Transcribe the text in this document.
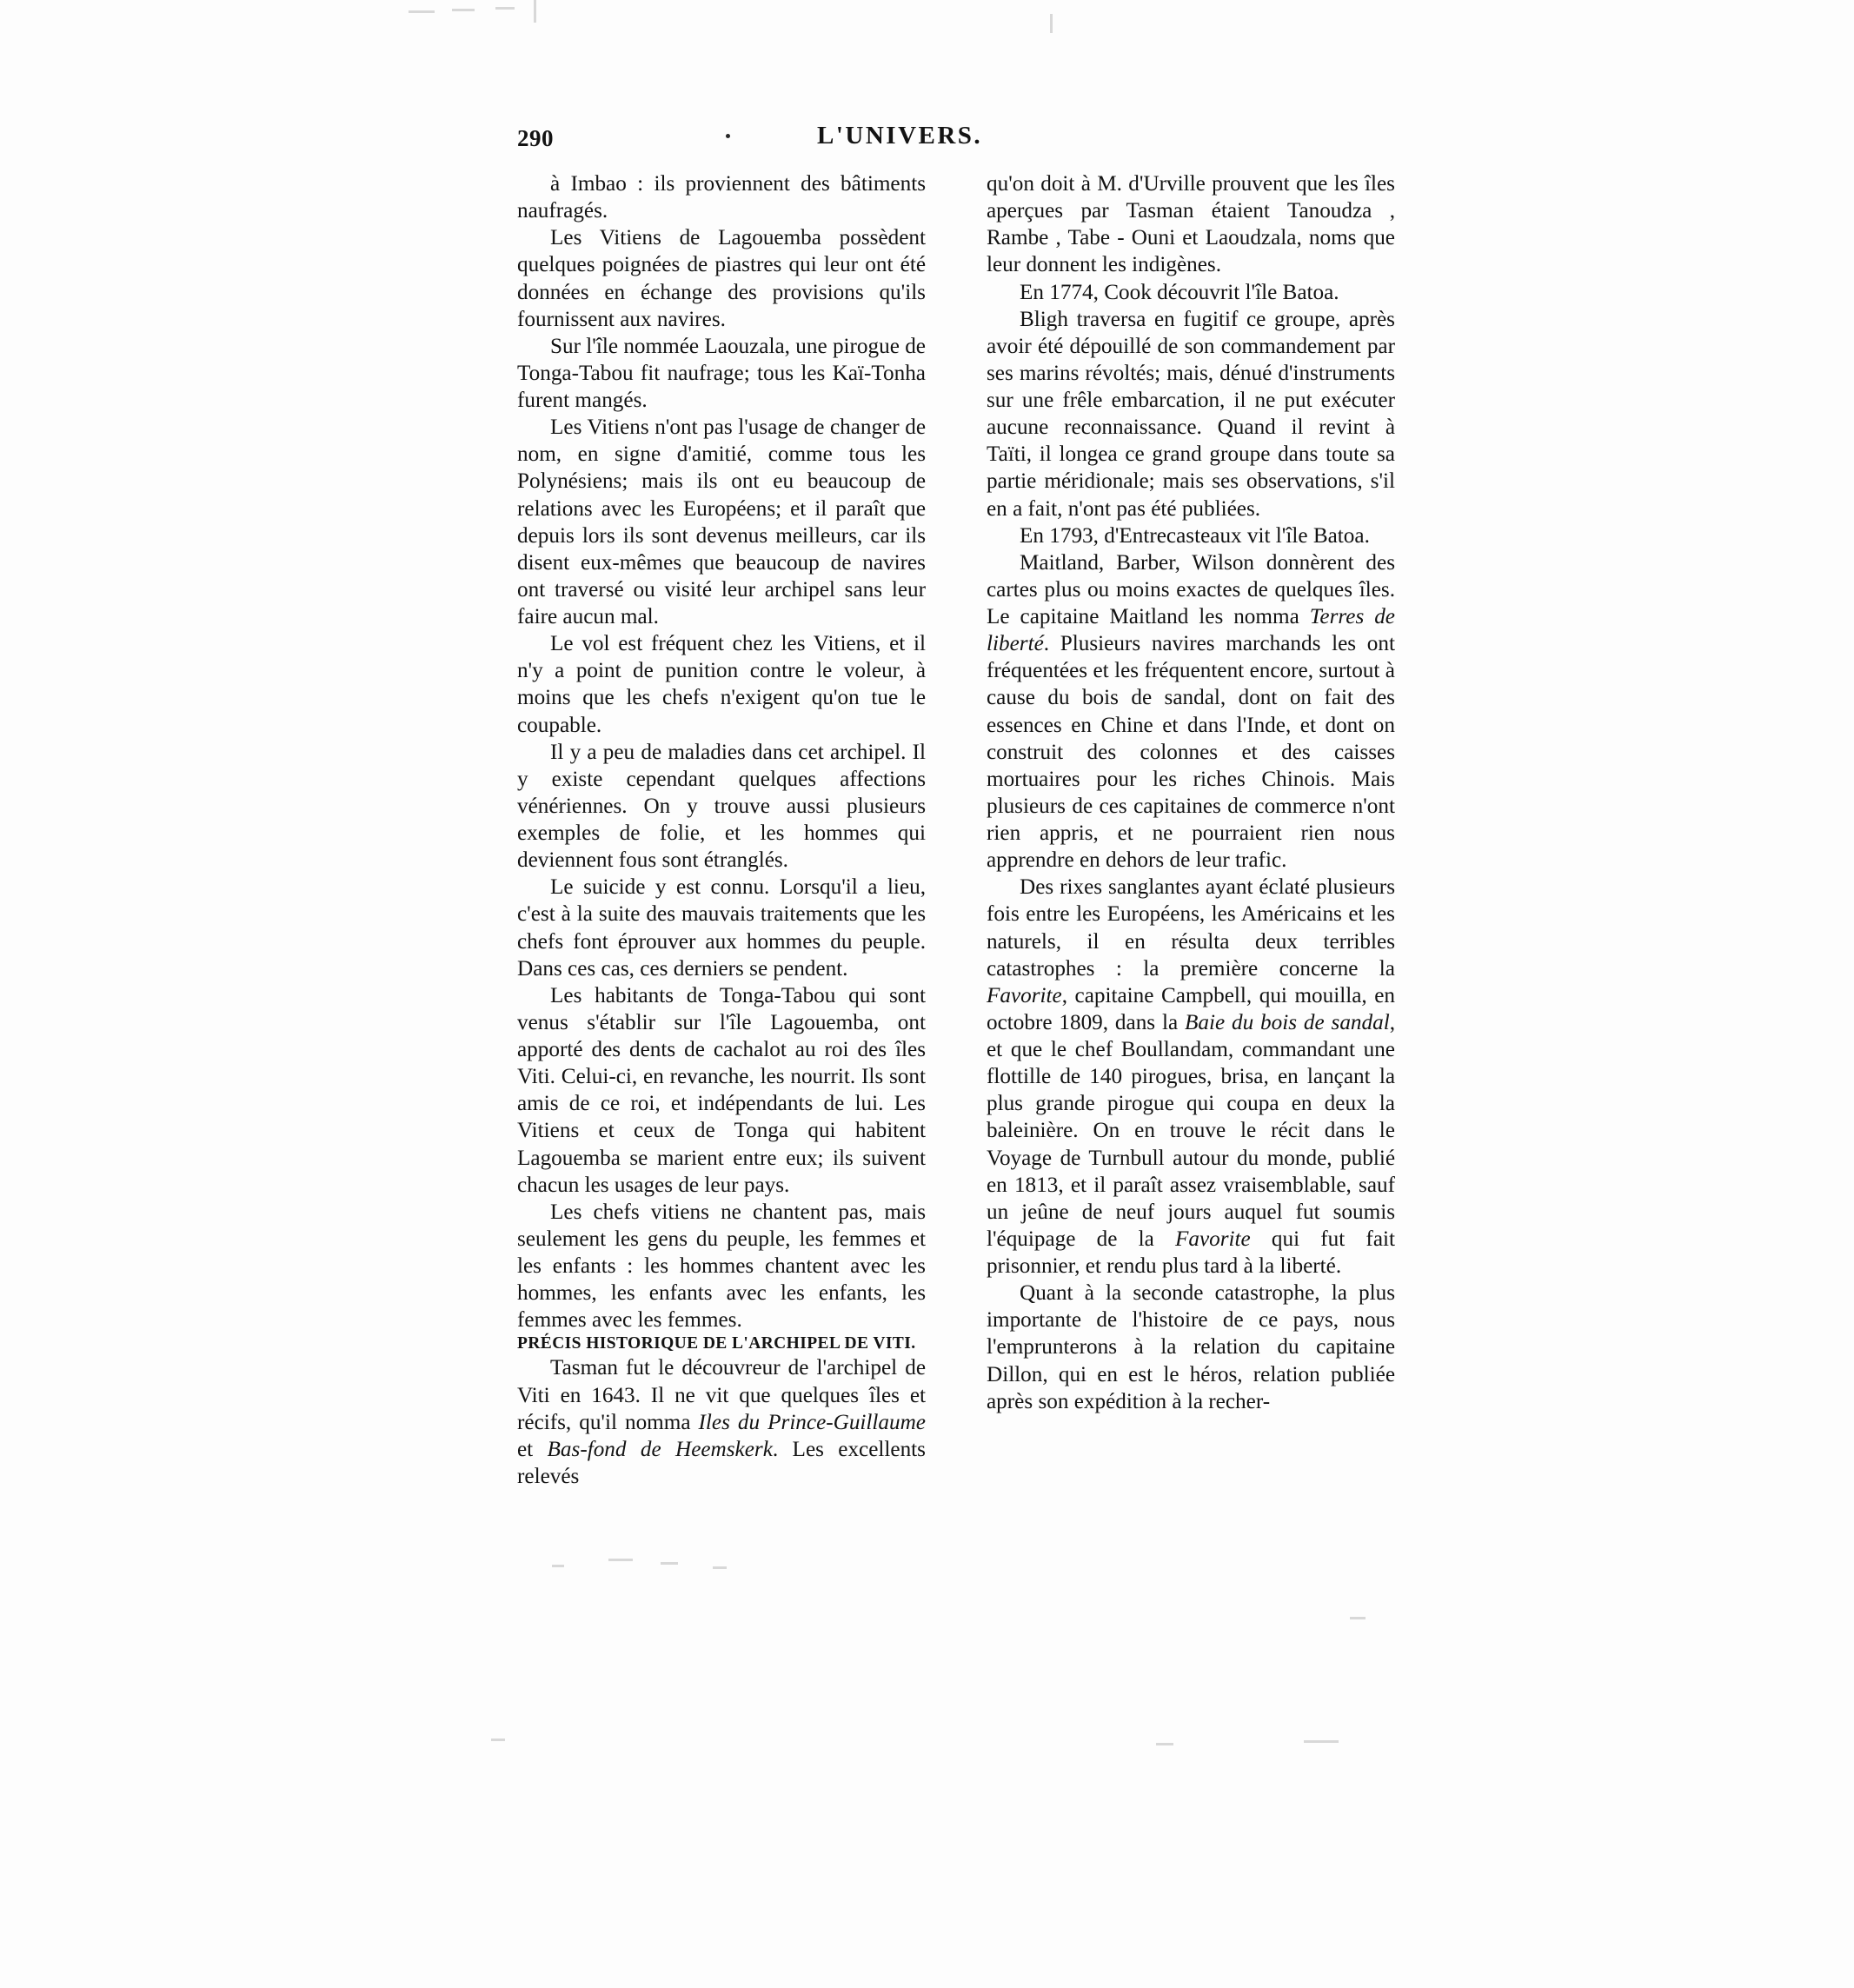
290	L'UNIVERS.

à Imbao : ils proviennent des bâtiments naufragés.

Les Vitiens de Lagouemba possèdent quelques poignées de piastres qui leur ont été données en échange des provisions qu'ils fournissent aux navires.

Sur l'île nommée Laouzala, une pirogue de Tonga-Tabou fit naufrage; tous les Kaï-Tonha furent mangés.

Les Vitiens n'ont pas l'usage de changer de nom, en signe d'amitié, comme tous les Polynésiens; mais ils ont eu beaucoup de relations avec les Européens; et il paraît que depuis lors ils sont devenus meilleurs, car ils disent eux-mêmes que beaucoup de navires ont traversé ou visité leur archipel sans leur faire aucun mal.

Le vol est fréquent chez les Vitiens, et il n'y a point de punition contre le voleur, à moins que les chefs n'exigent qu'on tue le coupable.

Il y a peu de maladies dans cet archipel. Il y existe cependant quelques affections vénériennes. On y trouve aussi plusieurs exemples de folie, et les hommes qui deviennent fous sont étranglés.

Le suicide y est connu. Lorsqu'il a lieu, c'est à la suite des mauvais traitements que les chefs font éprouver aux hommes du peuple. Dans ces cas, ces derniers se pendent.

Les habitants de Tonga-Tabou qui sont venus s'établir sur l'île Lagouemba, ont apporté des dents de cachalot au roi des îles Viti. Celui-ci, en revanche, les nourrit. Ils sont amis de ce roi, et indépendants de lui. Les Vitiens et ceux de Tonga qui habitent Lagouemba se marient entre eux; ils suivent chacun les usages de leur pays.

Les chefs vitiens ne chantent pas, mais seulement les gens du peuple, les femmes et les enfants : les hommes chantent avec les hommes, les enfants avec les enfants, les femmes avec les femmes.

PRÉCIS HISTORIQUE DE L'ARCHIPEL DE VITI.

Tasman fut le découvreur de l'archipel de Viti en 1643. Il ne vit que quelques îles et récifs, qu'il nomma Iles du Prince-Guillaume et Bas-fond de Heemskerk. Les excellents relevés

qu'on doit à M. d'Urville prouvent que les îles aperçues par Tasman étaient Tanoudza , Rambe , Tabe - Ouni et Laoudzala, noms que leur donnent les indigènes.

En 1774, Cook découvrit l'île Batoa.

Bligh traversa en fugitif ce groupe, après avoir été dépouillé de son commandement par ses marins révoltés; mais, dénué d'instruments sur une frêle embarcation, il ne put exécuter aucune reconnaissance. Quand il revint à Taïti, il longea ce grand groupe dans toute sa partie méridionale; mais ses observations, s'il en a fait, n'ont pas été publiées.

En 1793, d'Entrecasteaux vit l'île Batoa.

Maitland, Barber, Wilson donnèrent des cartes plus ou moins exactes de quelques îles. Le capitaine Maitland les nomma Terres de liberté. Plusieurs navires marchands les ont fréquentées et les fréquentent encore, surtout à cause du bois de sandal, dont on fait des essences en Chine et dans l'Inde, et dont on construit des colonnes et des caisses mortuaires pour les riches Chinois. Mais plusieurs de ces capitaines de commerce n'ont rien appris, et ne pourraient rien nous apprendre en dehors de leur trafic.

Des rixes sanglantes ayant éclaté plusieurs fois entre les Européens, les Américains et les naturels, il en résulta deux terribles catastrophes : la première concerne la Favorite, capitaine Campbell, qui mouilla, en octobre 1809, dans la Baie du bois de sandal, et que le chef Boullandam, commandant une flottille de 140 pirogues, brisa, en lançant la plus grande pirogue qui coupa en deux la baleinière. On en trouve le récit dans le Voyage de Turnbull autour du monde, publié en 1813, et il paraît assez vraisemblable, sauf un jeûne de neuf jours auquel fut soumis l'équipage de la Favorite qui fut fait prisonnier, et rendu plus tard à la liberté.

Quant à la seconde catastrophe, la plus importante de l'histoire de ce pays, nous l'emprunterons à la relation du capitaine Dillon, qui en est le héros, relation publiée après son expédition à la recher-
